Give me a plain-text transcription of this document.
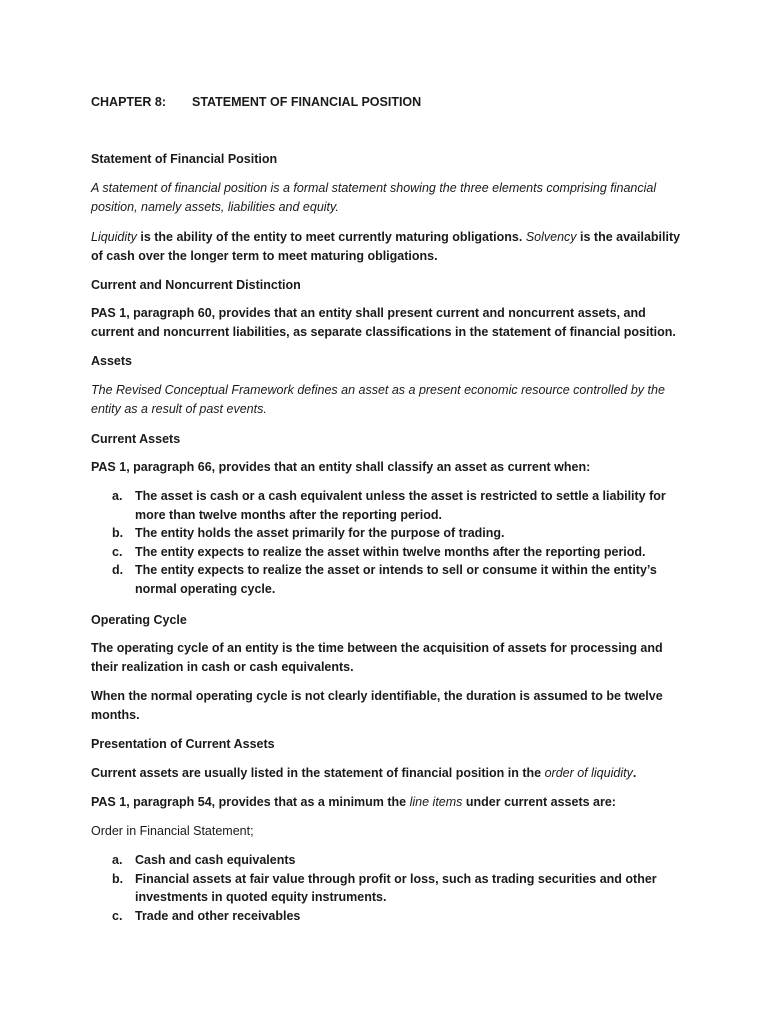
CHAPTER 8: STATEMENT OF FINANCIAL POSITION

Statement of Financial Position

A statement of financial position is a formal statement showing the three elements comprising financial position, namely assets, liabilities and equity.

Liquidity is the ability of the entity to meet currently maturing obligations. Solvency is the availability of cash over the longer term to meet maturing obligations.

Current and Noncurrent Distinction

PAS 1, paragraph 60, provides that an entity shall present current and noncurrent assets, and current and noncurrent liabilities, as separate classifications in the statement of financial position.

Assets

The Revised Conceptual Framework defines an asset as a present economic resource controlled by the entity as a result of past events.

Current Assets

PAS 1, paragraph 66, provides that an entity shall classify an asset as current when:

a. The asset is cash or a cash equivalent unless the asset is restricted to settle a liability for more than twelve months after the reporting period.
b. The entity holds the asset primarily for the purpose of trading.
c. The entity expects to realize the asset within twelve months after the reporting period.
d. The entity expects to realize the asset or intends to sell or consume it within the entity’s normal operating cycle.

Operating Cycle

The operating cycle of an entity is the time between the acquisition of assets for processing and their realization in cash or cash equivalents.

When the normal operating cycle is not clearly identifiable, the duration is assumed to be twelve months.

Presentation of Current Assets

Current assets are usually listed in the statement of financial position in the order of liquidity.

PAS 1, paragraph 54, provides that as a minimum the line items under current assets are:

Order in Financial Statement;

a. Cash and cash equivalents
b. Financial assets at fair value through profit or loss, such as trading securities and other investments in quoted equity instruments.
c. Trade and other receivables
